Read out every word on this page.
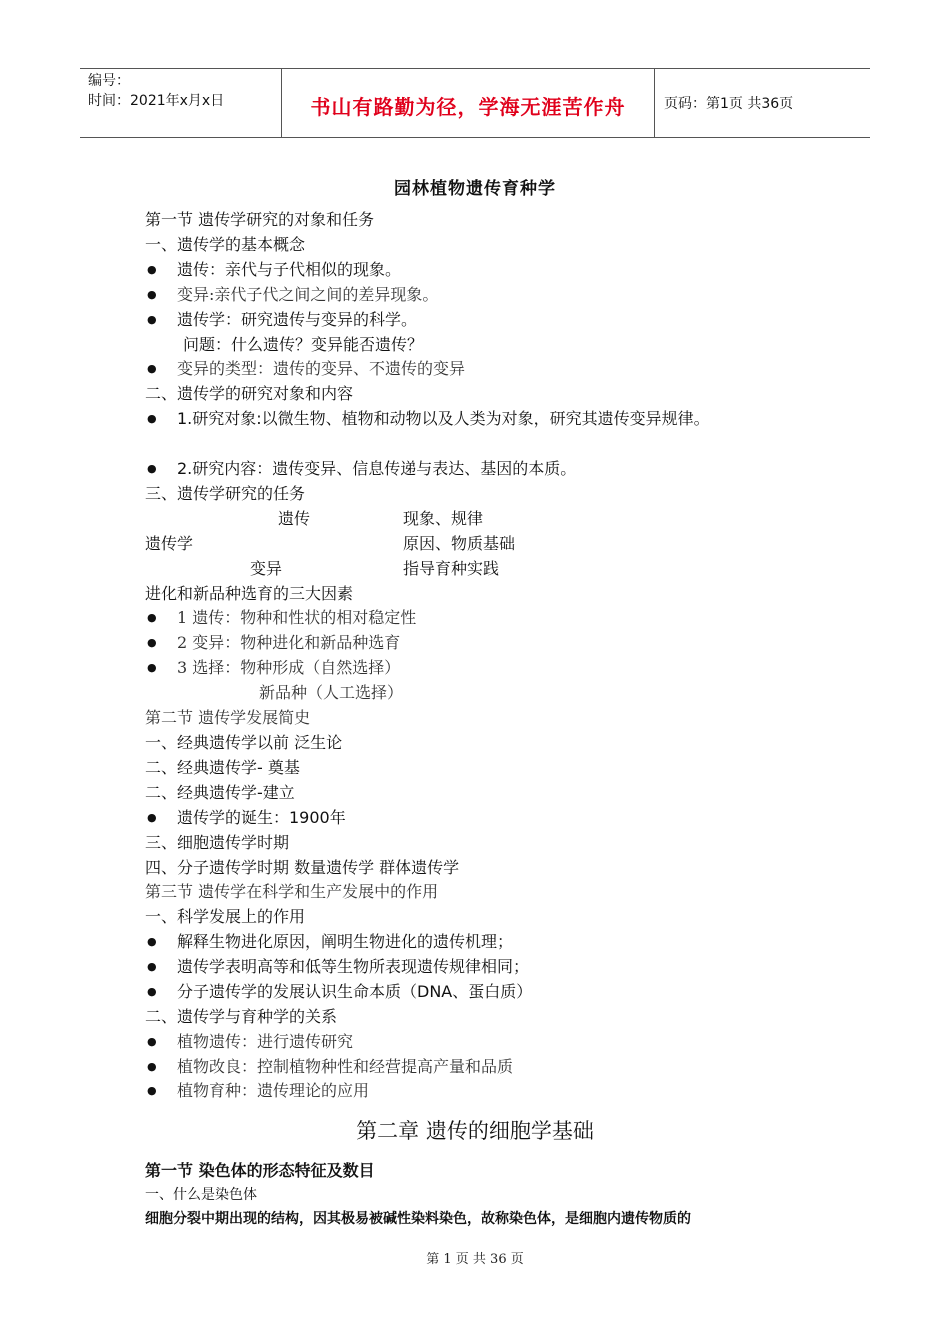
编号：
时间：2021年x月x日	书山有路勤为径，学海无涯苦作舟	页码：第1页 共36页
园林植物遗传育种学
第一节 遗传学研究的对象和任务
一、遗传学的基本概念
● 遗传：亲代与子代相似的现象。
● 变异:亲代子代之间之间的差异现象。
● 遗传学：研究遗传与变异的科学。
问题：什么遗传？变异能否遗传？
● 变异的类型：遗传的变异、不遗传的变异
二、遗传学的研究对象和内容
● 1.研究对象:以微生物、植物和动物以及人类为对象，研究其遗传变异规律。
● 2.研究内容：遗传变异、信息传递与表达、基因的本质。
三、遗传学研究的任务
遗传	现象、规律
遗传学	原因、物质基础
变异	指导育种实践
进化和新品种选育的三大因素
● 1 遗传：物种和性状的相对稳定性
● 2 变异：物种进化和新品种选育
● 3 选择：物种形成（自然选择）
新品种（人工选择）
第二节 遗传学发展简史
一、经典遗传学以前 泛生论
二、经典遗传学- 奠基
二、经典遗传学-建立
● 遗传学的诞生：1900年
三、细胞遗传学时期
四、分子遗传学时期 数量遗传学 群体遗传学
第三节 遗传学在科学和生产发展中的作用
一、科学发展上的作用
● 解释生物进化原因，阐明生物进化的遗传机理；
● 遗传学表明高等和低等生物所表现遗传规律相同；
● 分子遗传学的发展认识生命本质（DNA、蛋白质）
二、遗传学与育种学的关系
● 植物遗传：进行遗传研究
● 植物改良：控制植物种性和经营提高产量和品质
● 植物育种：遗传理论的应用
第二章 遗传的细胞学基础
第一节 染色体的形态特征及数目
一、什么是染色体
细胞分裂中期出现的结构，因其极易被碱性染料染色，故称染色体，是细胞内遗传物质的
第 1 页 共 36 页
